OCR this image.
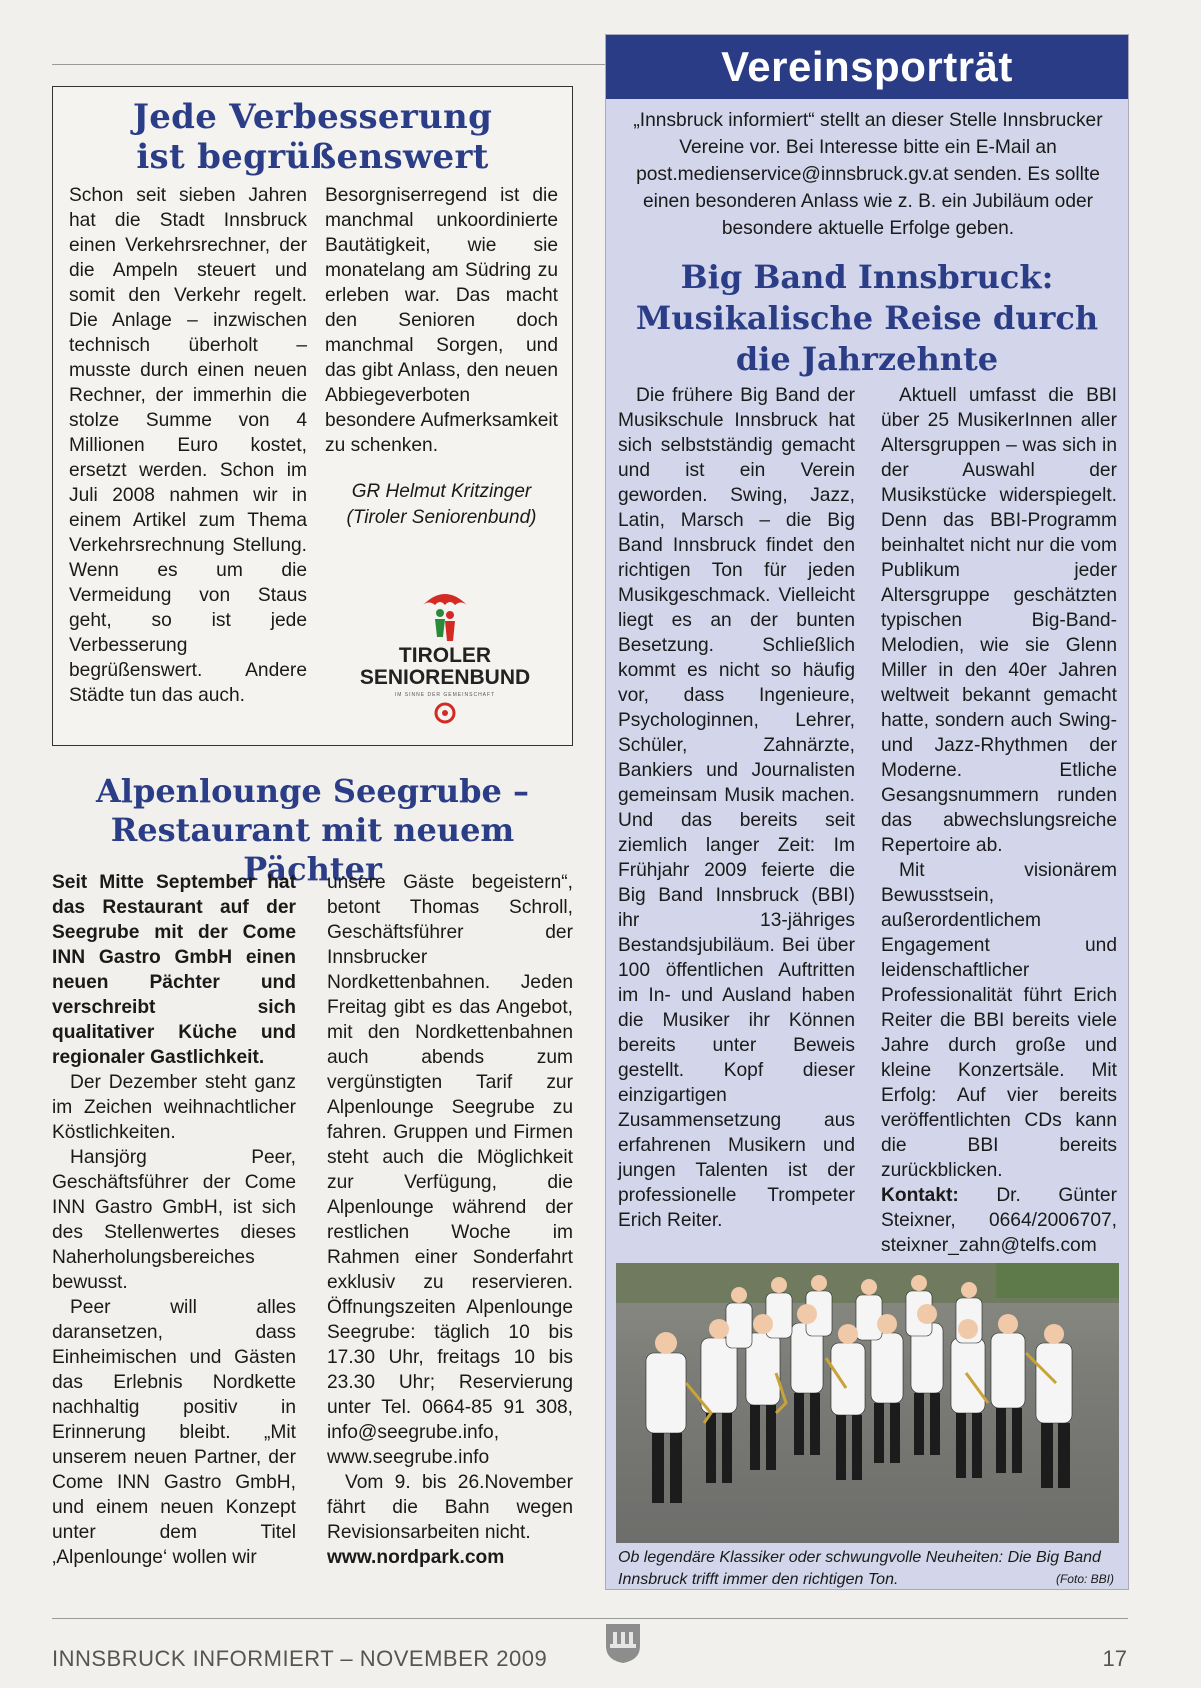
Jede Verbesserung
ist begrüßenswert

Schon seit sieben Jahren hat die Stadt Innsbruck einen Verkehrsrechner, der die Ampeln steuert und somit den Verkehr regelt. Die Anlage – inzwischen technisch überholt – musste durch einen neuen Rechner, der immerhin die stolze Summe von 4 Millionen Euro kostet, ersetzt werden. Schon im Juli 2008 nahmen wir in einem Artikel zum Thema Verkehrsrechnung Stellung. Wenn es um die Vermeidung von Staus geht, so ist jede Verbesserung begrüßenswert. Andere Städte tun das auch.

Besorgniserregend ist die manchmal unkoordinierte Bautätigkeit, wie sie monatelang am Südring zu erleben war. Das macht den Senioren doch manchmal Sorgen, und das gibt Anlass, den neuen Abbiegeverboten besondere Aufmerksamkeit zu schenken.

GR Helmut Kritzinger
(Tiroler Seniorenbund)
TIROLER
SENIORENBUND
IM SINNE DER GEMEINSCHAFT
Alpenlounge Seegrube –
Restaurant mit neuem Pächter

Seit Mitte September hat das Restaurant auf der Seegrube mit der Come INN Gastro GmbH einen neuen Pächter und verschreibt sich qualitativer Küche und regionaler Gastlichkeit.

Der Dezember steht ganz im Zeichen weihnachtlicher Köstlichkeiten.

Hansjörg Peer, Geschäftsführer der Come INN Gastro GmbH, ist sich des Stellenwertes dieses Naherholungsbereiches bewusst.

Peer will alles daransetzen, dass Einheimischen und Gästen das Erlebnis Nordkette nachhaltig positiv in Erinnerung bleibt. „Mit unserem neuen Partner, der Come INN Gastro GmbH, und einem neuen Konzept unter dem Titel ‚Alpenlounge‘ wollen wir

unsere Gäste begeistern“, betont Thomas Schroll, Geschäftsführer der Innsbrucker Nordkettenbahnen. Jeden Freitag gibt es das Angebot, mit den Nordkettenbahnen auch abends zum vergünstigten Tarif zur Alpenlounge Seegrube zu fahren. Gruppen und Firmen steht auch die Möglichkeit zur Verfügung, die Alpenlounge während der restlichen Woche im Rahmen einer Sonderfahrt exklusiv zu reservieren. Öffnungszeiten Alpenlounge Seegrube: täglich 10 bis 17.30 Uhr, freitags 10 bis 23.30 Uhr; Reservierung unter Tel. 0664-85 91 308, info@seegrube.info, www.seegrube.info

Vom 9. bis 26.November fährt die Bahn wegen Revisionsarbeiten nicht.

www.nordpark.com

Vereinsporträt

„Innsbruck informiert“ stellt an dieser Stelle Innsbrucker Vereine vor. Bei Interesse bitte ein E-Mail an post.medienservice@innsbruck.gv.at senden. Es sollte einen besonderen Anlass wie z. B. ein Jubiläum oder besondere aktuelle Erfolge geben.

Big Band Innsbruck:
Musikalische Reise durch
die Jahrzehnte

Die frühere Big Band der Musikschule Innsbruck hat sich selbstständig gemacht und ist ein Verein geworden. Swing, Jazz, Latin, Marsch – die Big Band Innsbruck findet den richtigen Ton für jeden Musikgeschmack. Vielleicht liegt es an der bunten Besetzung. Schließlich kommt es nicht so häufig vor, dass Ingenieure, Psychologinnen, Lehrer, Schüler, Zahnärzte, Bankiers und Journalisten gemeinsam Musik machen. Und das bereits seit ziemlich langer Zeit: Im Frühjahr 2009 feierte die Big Band Innsbruck (BBI) ihr 13-jähriges Bestandsjubiläum. Bei über 100 öffentlichen Auftritten im In- und Ausland haben die Musiker ihr Können bereits unter Beweis gestellt. Kopf dieser einzigartigen Zusammensetzung aus erfahrenen Musikern und jungen Talenten ist der professionelle Trompeter Erich Reiter.

Aktuell umfasst die BBI über 25 MusikerInnen aller Altersgruppen – was sich in der Auswahl der Musikstücke widerspiegelt. Denn das BBI-Programm beinhaltet nicht nur die vom Publikum jeder Altersgruppe geschätzten typischen Big-Band-Melodien, wie sie Glenn Miller in den 40er Jahren weltweit bekannt gemacht hatte, sondern auch Swing- und Jazz-Rhythmen der Moderne. Etliche Gesangsnummern runden das abwechslungsreiche Repertoire ab.

Mit visionärem Bewusstsein, außerordentlichem Engagement und leidenschaftlicher Professionalität führt Erich Reiter die BBI bereits viele Jahre durch große und kleine Konzertsäle. Mit Erfolg: Auf vier bereits veröffentlichten CDs kann die BBI bereits zurückblicken.

Kontakt: Dr. Günter Steixner, 0664/2006707, steixner_zahn@telfs.com

Ob legendäre Klassiker oder schwungvolle Neuheiten: Die Big Band Innsbruck trifft immer den richtigen Ton.	(Foto: BBI)
INNSBRUCK INFORMIERT – NOVEMBER 2009	17
